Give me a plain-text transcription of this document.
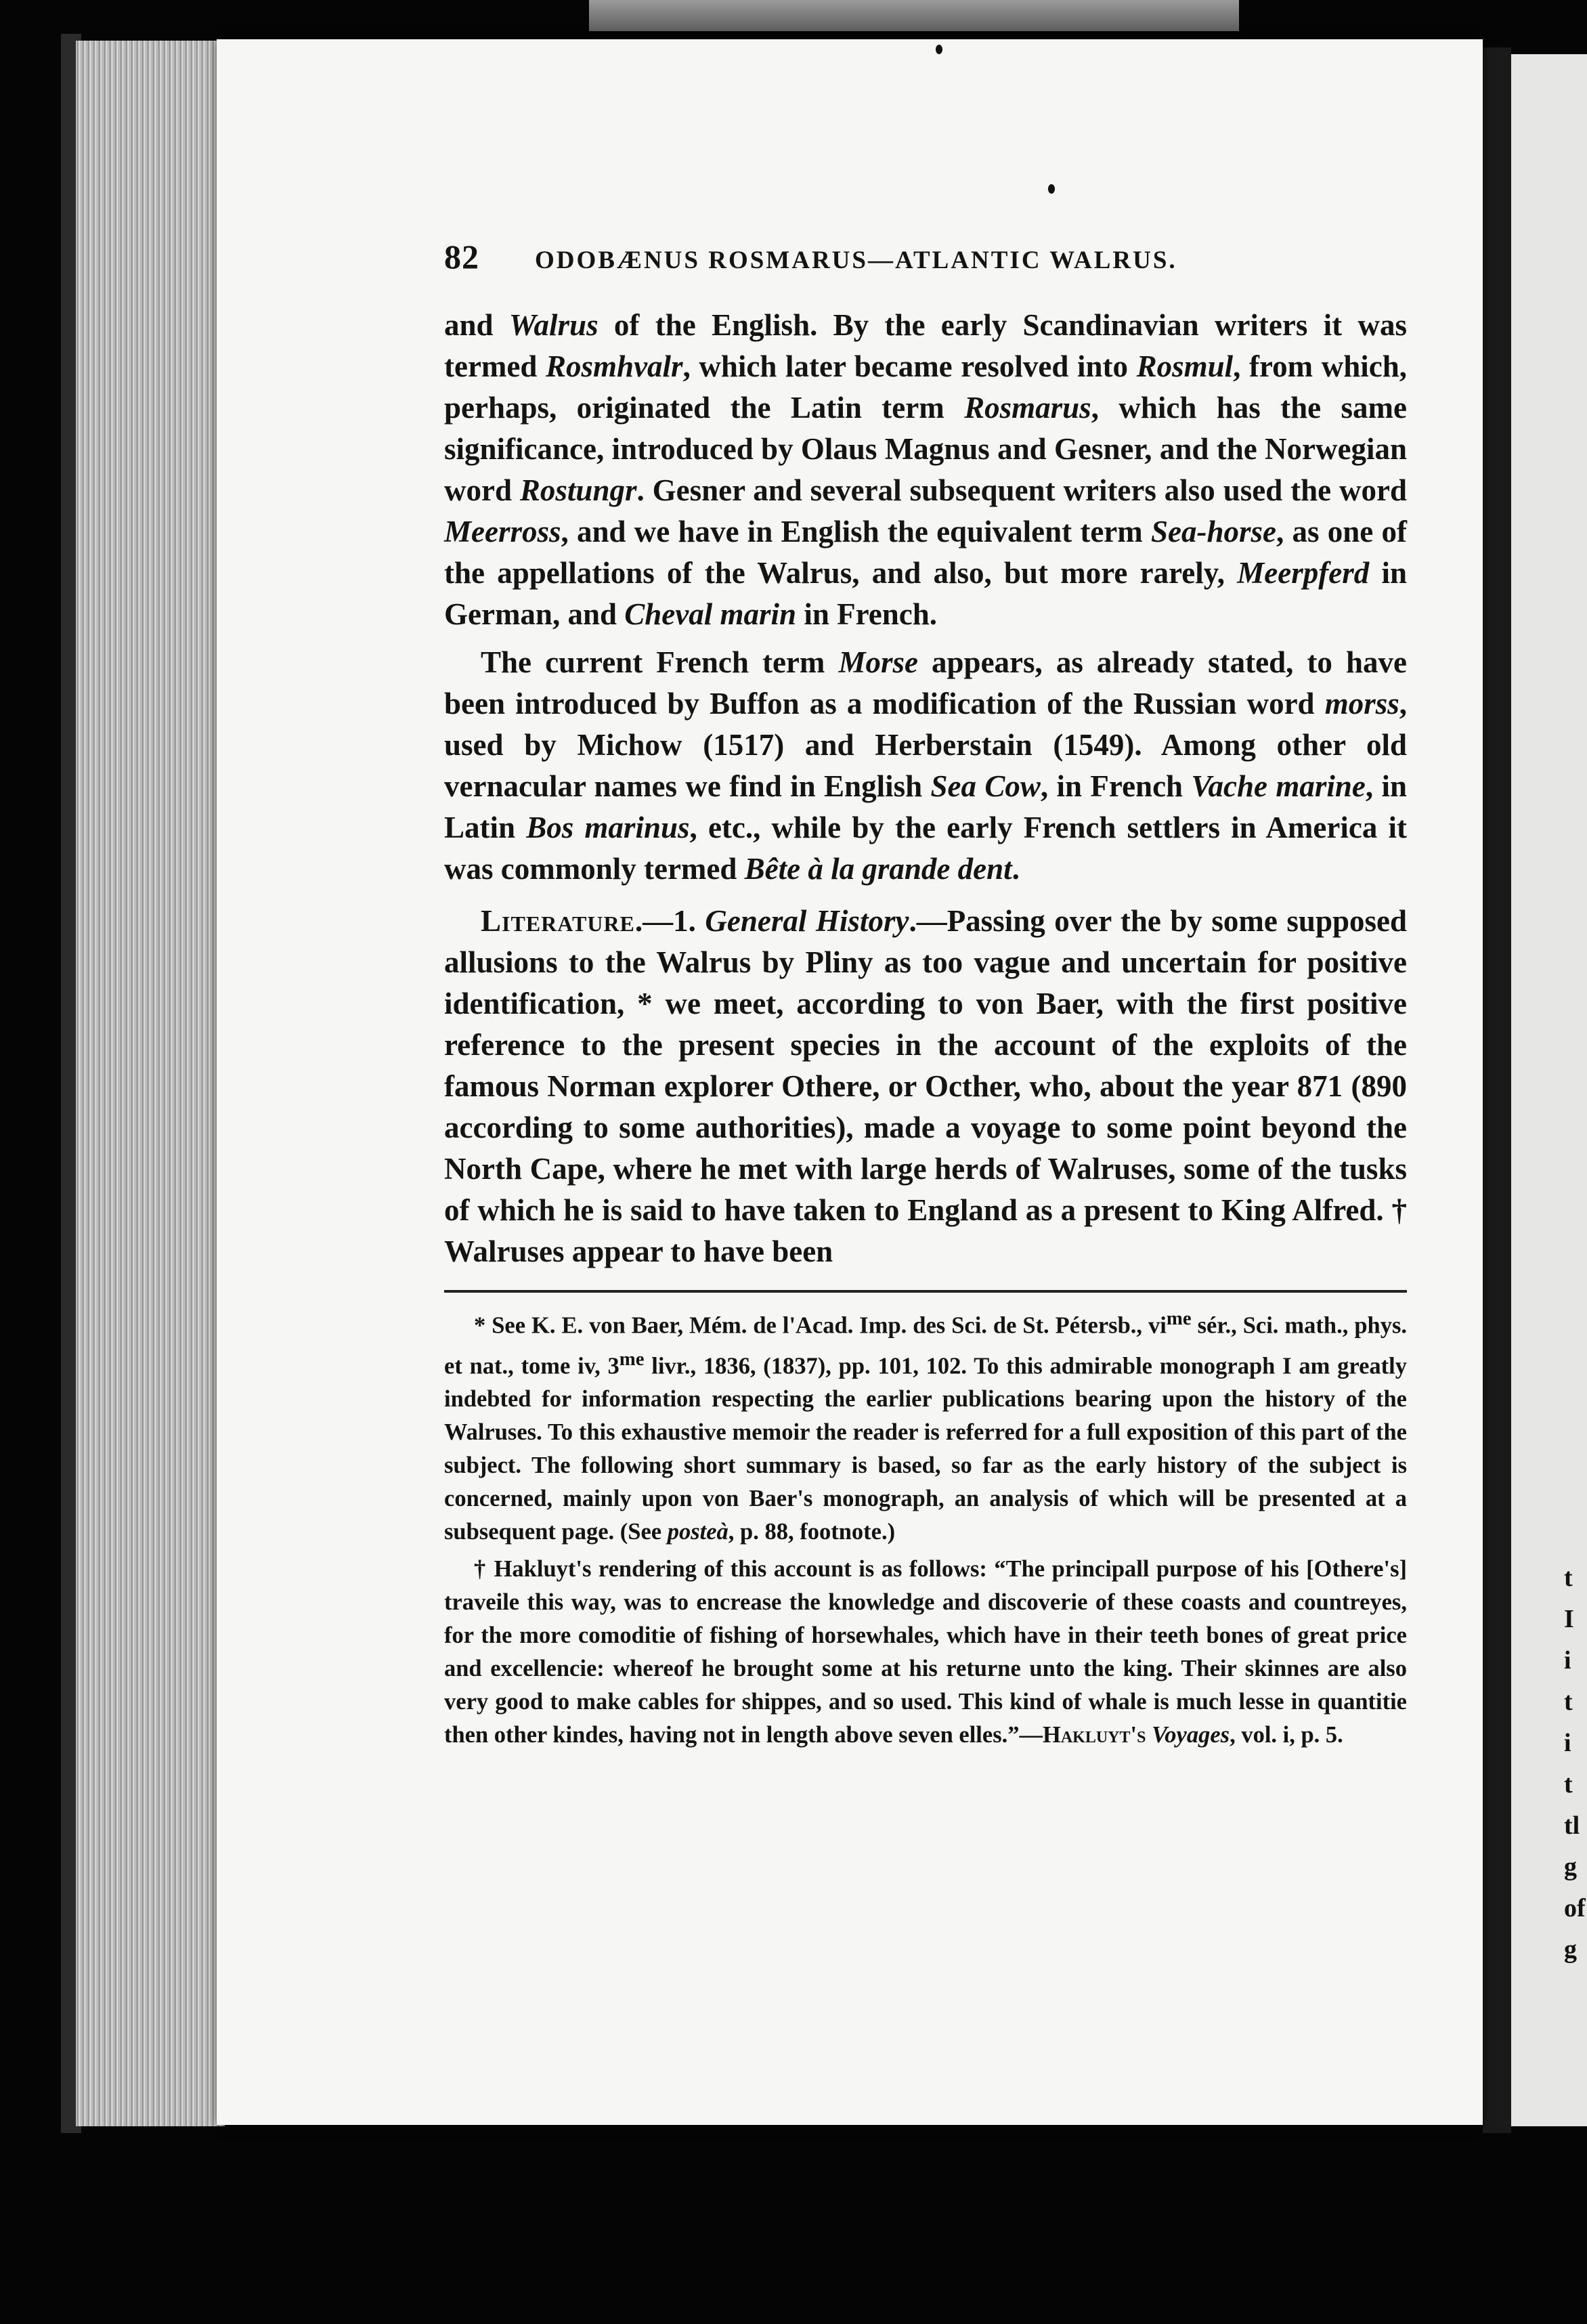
t
I
i
t
i
t
tl
g
of
g
82 ODOBÆNUS ROSMARUS—ATLANTIC WALRUS.

and Walrus of the English. By the early Scandinavian writers it was termed Rosmhvalr, which later became resolved into Rosmul, from which, perhaps, originated the Latin term Rosmarus, which has the same significance, introduced by Olaus Magnus and Gesner, and the Norwegian word Rostungr. Gesner and several subsequent writers also used the word Meerross, and we have in English the equivalent term Sea-horse, as one of the appellations of the Walrus, and also, but more rarely, Meerpferd in German, and Cheval marin in French.

The current French term Morse appears, as already stated, to have been introduced by Buffon as a modification of the Russian word morss, used by Michow (1517) and Herberstain (1549). Among other old vernacular names we find in English Sea Cow, in French Vache marine, in Latin Bos marinus, etc., while by the early French settlers in America it was commonly termed Bête à la grande dent.

Literature.—1. General History.—Passing over the by some supposed allusions to the Walrus by Pliny as too vague and uncertain for positive identification, * we meet, according to von Baer, with the first positive reference to the present species in the account of the exploits of the famous Norman explorer Othere, or Octher, who, about the year 871 (890 according to some authorities), made a voyage to some point beyond the North Cape, where he met with large herds of Walruses, some of the tusks of which he is said to have taken to England as a present to King Alfred. † Walruses appear to have been

* See K. E. von Baer, Mém. de l'Acad. Imp. des Sci. de St. Pétersb., $vi^{me}$ sér., Sci. math., phys. et nat., tome iv, $3^{me}$ livr., 1836, (1837), pp. 101, 102. To this admirable monograph I am greatly indebted for information respecting the earlier publications bearing upon the history of the Walruses. To this exhaustive memoir the reader is referred for a full exposition of this part of the subject. The following short summary is based, so far as the early history of the subject is concerned, mainly upon von Baer's monograph, an analysis of which will be presented at a subsequent page. (See posteà, p. 88, footnote.)

† Hakluyt's rendering of this account is as follows: “The principall purpose of his [Othere's] traveile this way, was to encrease the knowledge and discoverie of these coasts and countreyes, for the more comoditie of fishing of horsewhales, which have in their teeth bones of great price and excellencie: whereof he brought some at his returne unto the king. Their skinnes are also very good to make cables for shippes, and so used. This kind of whale is much lesse in quantitie then other kindes, having not in length above seven elles.”—Hakluyt's Voyages, vol. i, p. 5.
